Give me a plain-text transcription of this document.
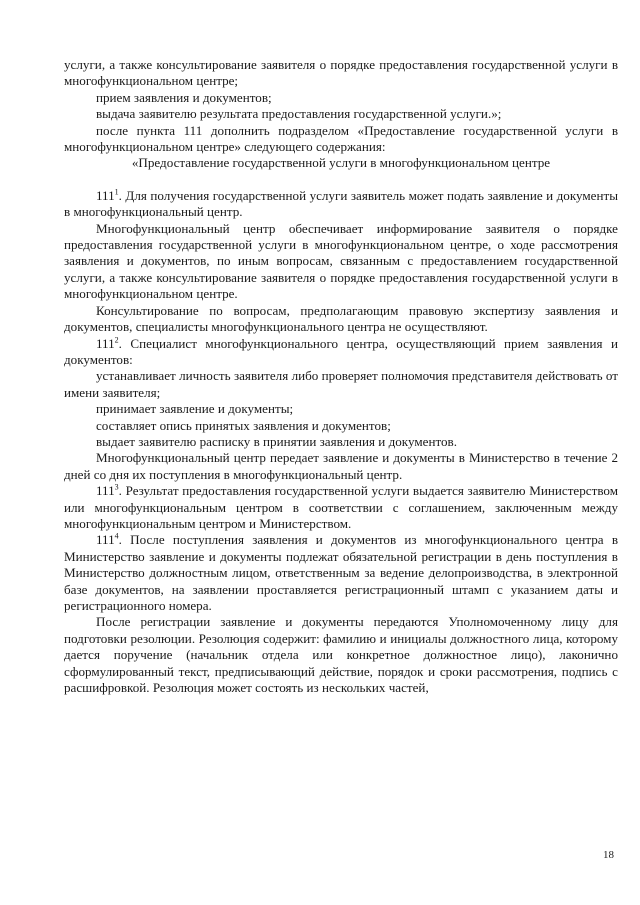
услуги, а также консультирование заявителя о порядке предоставления государственной услуги в многофункциональном центре;

прием заявления и документов;

выдача заявителю результата предоставления государственной услуги.»;

после пункта 111 дополнить подразделом «Предоставление государственной услуги в многофункциональном центре» следующего содержания:

«Предоставление государственной услуги в многофункциональном центре

$111^1$. Для получения государственной услуги заявитель может подать заявление и документы в многофункциональный центр.

Многофункциональный центр обеспечивает информирование заявителя о порядке предоставления государственной услуги в многофункциональном центре, о ходе рассмотрения заявления и документов, по иным вопросам, связанным с предоставлением государственной услуги, а также консультирование заявителя о порядке предоставления государственной услуги в многофункциональном центре.

Консультирование по вопросам, предполагающим правовую экспертизу заявления и документов, специалисты многофункционального центра не осуществляют.

$111^2$. Специалист многофункционального центра, осуществляющий прием заявления и документов:

устанавливает личность заявителя либо проверяет полномочия представителя действовать от имени заявителя;

принимает заявление и документы;

составляет опись принятых заявления и документов;

выдает заявителю расписку в принятии заявления и документов.

Многофункциональный центр передает заявление и документы в Министерство в течение 2 дней со дня их поступления в многофункциональный центр.

$111^3$. Результат предоставления государственной услуги выдается заявителю Министерством или многофункциональным центром в соответствии с соглашением, заключенным между многофункциональным центром и Министерством.

$111^4$. После поступления заявления и документов из многофункционального центра в Министерство заявление и документы подлежат обязательной регистрации в день поступления в Министерство должностным лицом, ответственным за ведение делопроизводства, в электронной базе документов, на заявлении проставляется регистрационный штамп с указанием даты и регистрационного номера.

После регистрации заявление и документы передаются Уполномоченному лицу для подготовки резолюции. Резолюция содержит: фамилию и инициалы должностного лица, которому дается поручение (начальник отдела или конкретное должностное лицо), лаконично сформулированный текст, предписывающий действие, порядок и сроки рассмотрения, подпись с расшифровкой. Резолюция может состоять из нескольких частей,

18
